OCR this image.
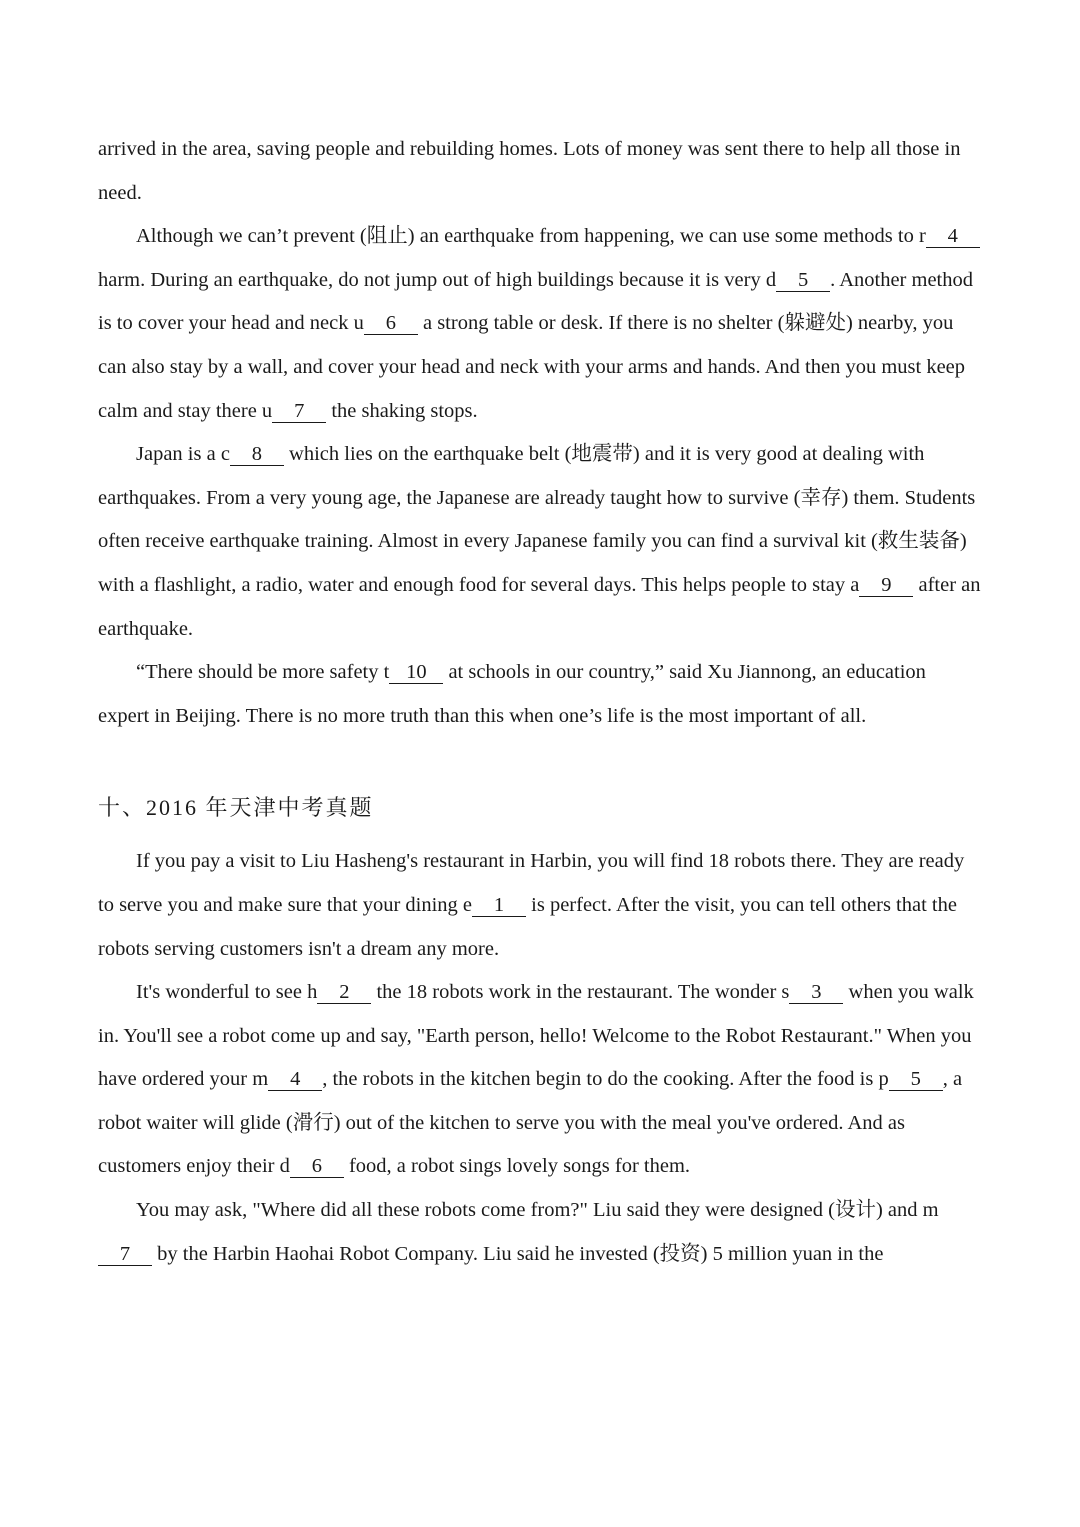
arrived in the area, saving people and rebuilding homes. Lots of money was sent there to help all those in need.

Although we can’t prevent (阻止) an earthquake from happening, we can use some methods to r 4 harm. During an earthquake, do not jump out of high buildings because it is very d 5 . Another method is to cover your head and neck u 6 a strong table or desk. If there is no shelter (躲避处) nearby, you can also stay by a wall, and cover your head and neck with your arms and hands. And then you must keep calm and stay there u 7 the shaking stops.

Japan is a c 8 which lies on the earthquake belt (地震带) and it is very good at dealing with earthquakes. From a very young age, the Japanese are already taught how to survive (幸存) them. Students often receive earthquake training. Almost in every Japanese family you can find a survival kit (救生装备) with a flashlight, a radio, water and enough food for several days. This helps people to stay a 9 after an earthquake.

“There should be more safety t 10 at schools in our country,” said Xu Jiannong, an education expert in Beijing. There is no more truth than this when one’s life is the most important of all.

十、2016 年天津中考真题

If you pay a visit to Liu Hasheng's restaurant in Harbin, you will find 18 robots there. They are ready to serve you and make sure that your dining e 1 is perfect. After the visit, you can tell others that the robots serving customers isn't a dream any more.

It's wonderful to see h 2 the 18 robots work in the restaurant. The wonder s 3 when you walk in. You'll see a robot come up and say, "Earth person, hello! Welcome to the Robot Restaurant." When you have ordered your m 4 , the robots in the kitchen begin to do the cooking. After the food is p 5 , a robot waiter will glide (滑行) out of the kitchen to serve you with the meal you've ordered. And as customers enjoy their d 6 food, a robot sings lovely songs for them.

You may ask, "Where did all these robots come from?" Liu said they were designed (设计) and m7 by the Harbin Haohai Robot Company. Liu said he invested (投资) 5 million yuan in the
